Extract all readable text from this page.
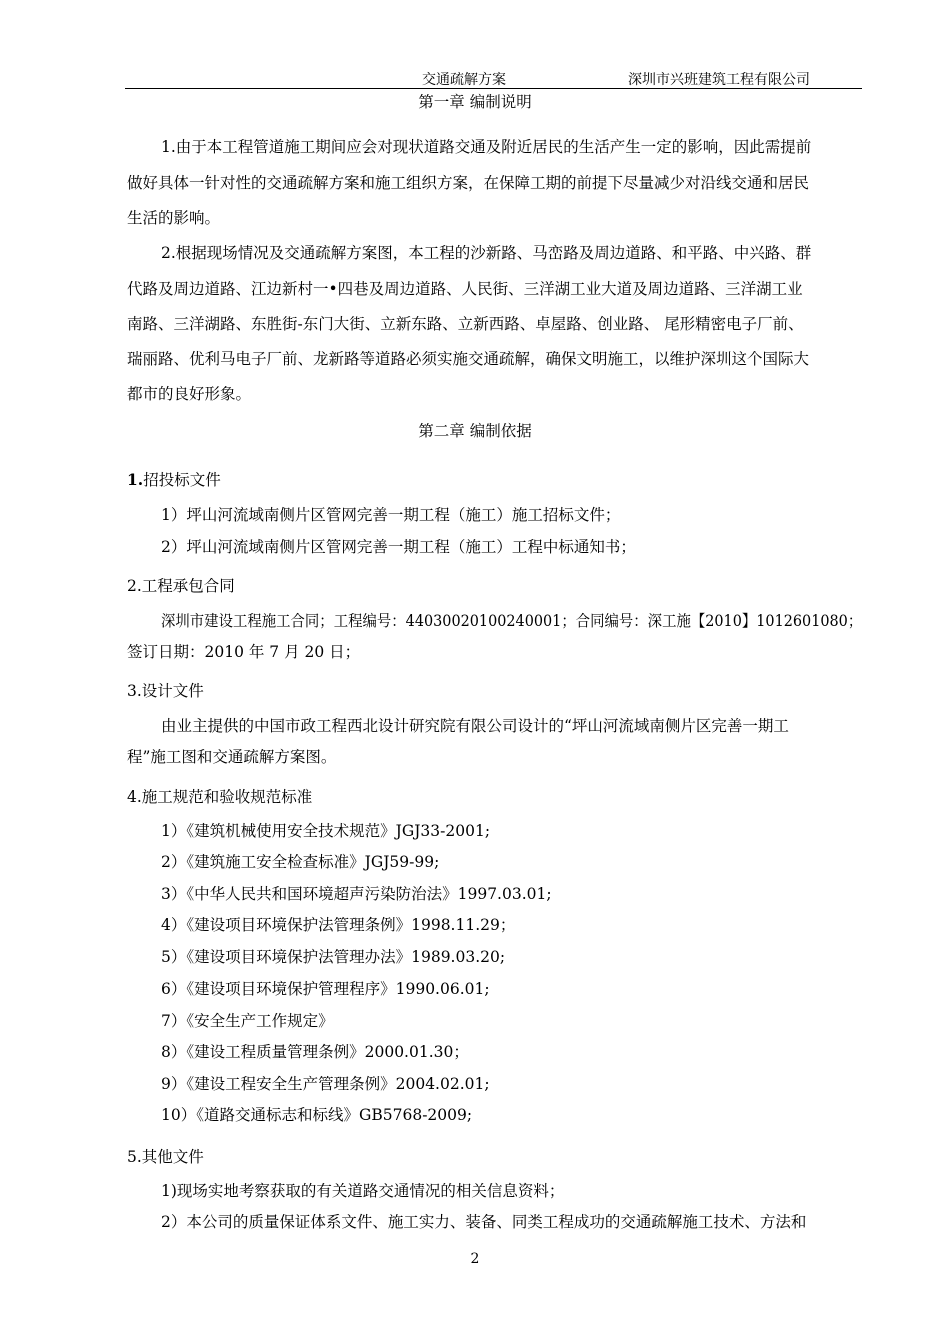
交通疏解方案	深圳市兴班建筑工程有限公司
第一章 编制说明
1.由于本工程管道施工期间应会对现状道路交通及附近居民的生活产生一定的影响，因此需提前
做好具体一针对性的交通疏解方案和施工组织方案，在保障工期的前提下尽量减少对沿线交通和居民
生活的影响。
2.根据现场情况及交通疏解方案图，本工程的沙新路、马峦路及周边道路、和平路、中兴路、群
代路及周边道路、江边新村一•四巷及周边道路、人民街、三洋湖工业大道及周边道路、三洋湖工业
南路、三洋湖路、东胜街-东门大街、立新东路、立新西路、卓屋路、创业路、 尾形精密电子厂前、
瑞丽路、优利马电子厂前、龙新路等道路必须实施交通疏解，确保文明施工，以维护深圳这个国际大
都市的良好形象。
第二章 编制依据
1.招投标文件
1）坪山河流域南侧片区管网完善一期工程（施工）施工招标文件；
2）坪山河流域南侧片区管网完善一期工程（施工）工程中标通知书；
2.工程承包合同
深圳市建设工程施工合同；工程编号：44030020100240001；合同编号：深工施【2010】1012601080；
签订日期：2010 年 7 月 20 日；
3.设计文件
由业主提供的中国市政工程西北设计研究院有限公司设计的“坪山河流域南侧片区完善一期工
程”施工图和交通疏解方案图。
4.施工规范和验收规范标准
1）《建筑机械使用安全技术规范》JGJ33-2001;
2）《建筑施工安全检查标准》JGJ59-99;
3）《中华人民共和国环境超声污染防治法》1997.03.01;
4）《建设项目环境保护法管理条例》1998.11.29；
5）《建设项目环境保护法管理办法》1989.03.20;
6）《建设项目环境保护管理程序》1990.06.01;
7）《安全生产工作规定》
8）《建设工程质量管理条例》2000.01.30；
9）《建设工程安全生产管理条例》2004.02.01;
10）《道路交通标志和标线》GB5768-2009;
5.其他文件
1)现场实地考察获取的有关道路交通情况的相关信息资料；
2）本公司的质量保证体系文件、施工实力、装备、同类工程成功的交通疏解施工技术、方法和
2
